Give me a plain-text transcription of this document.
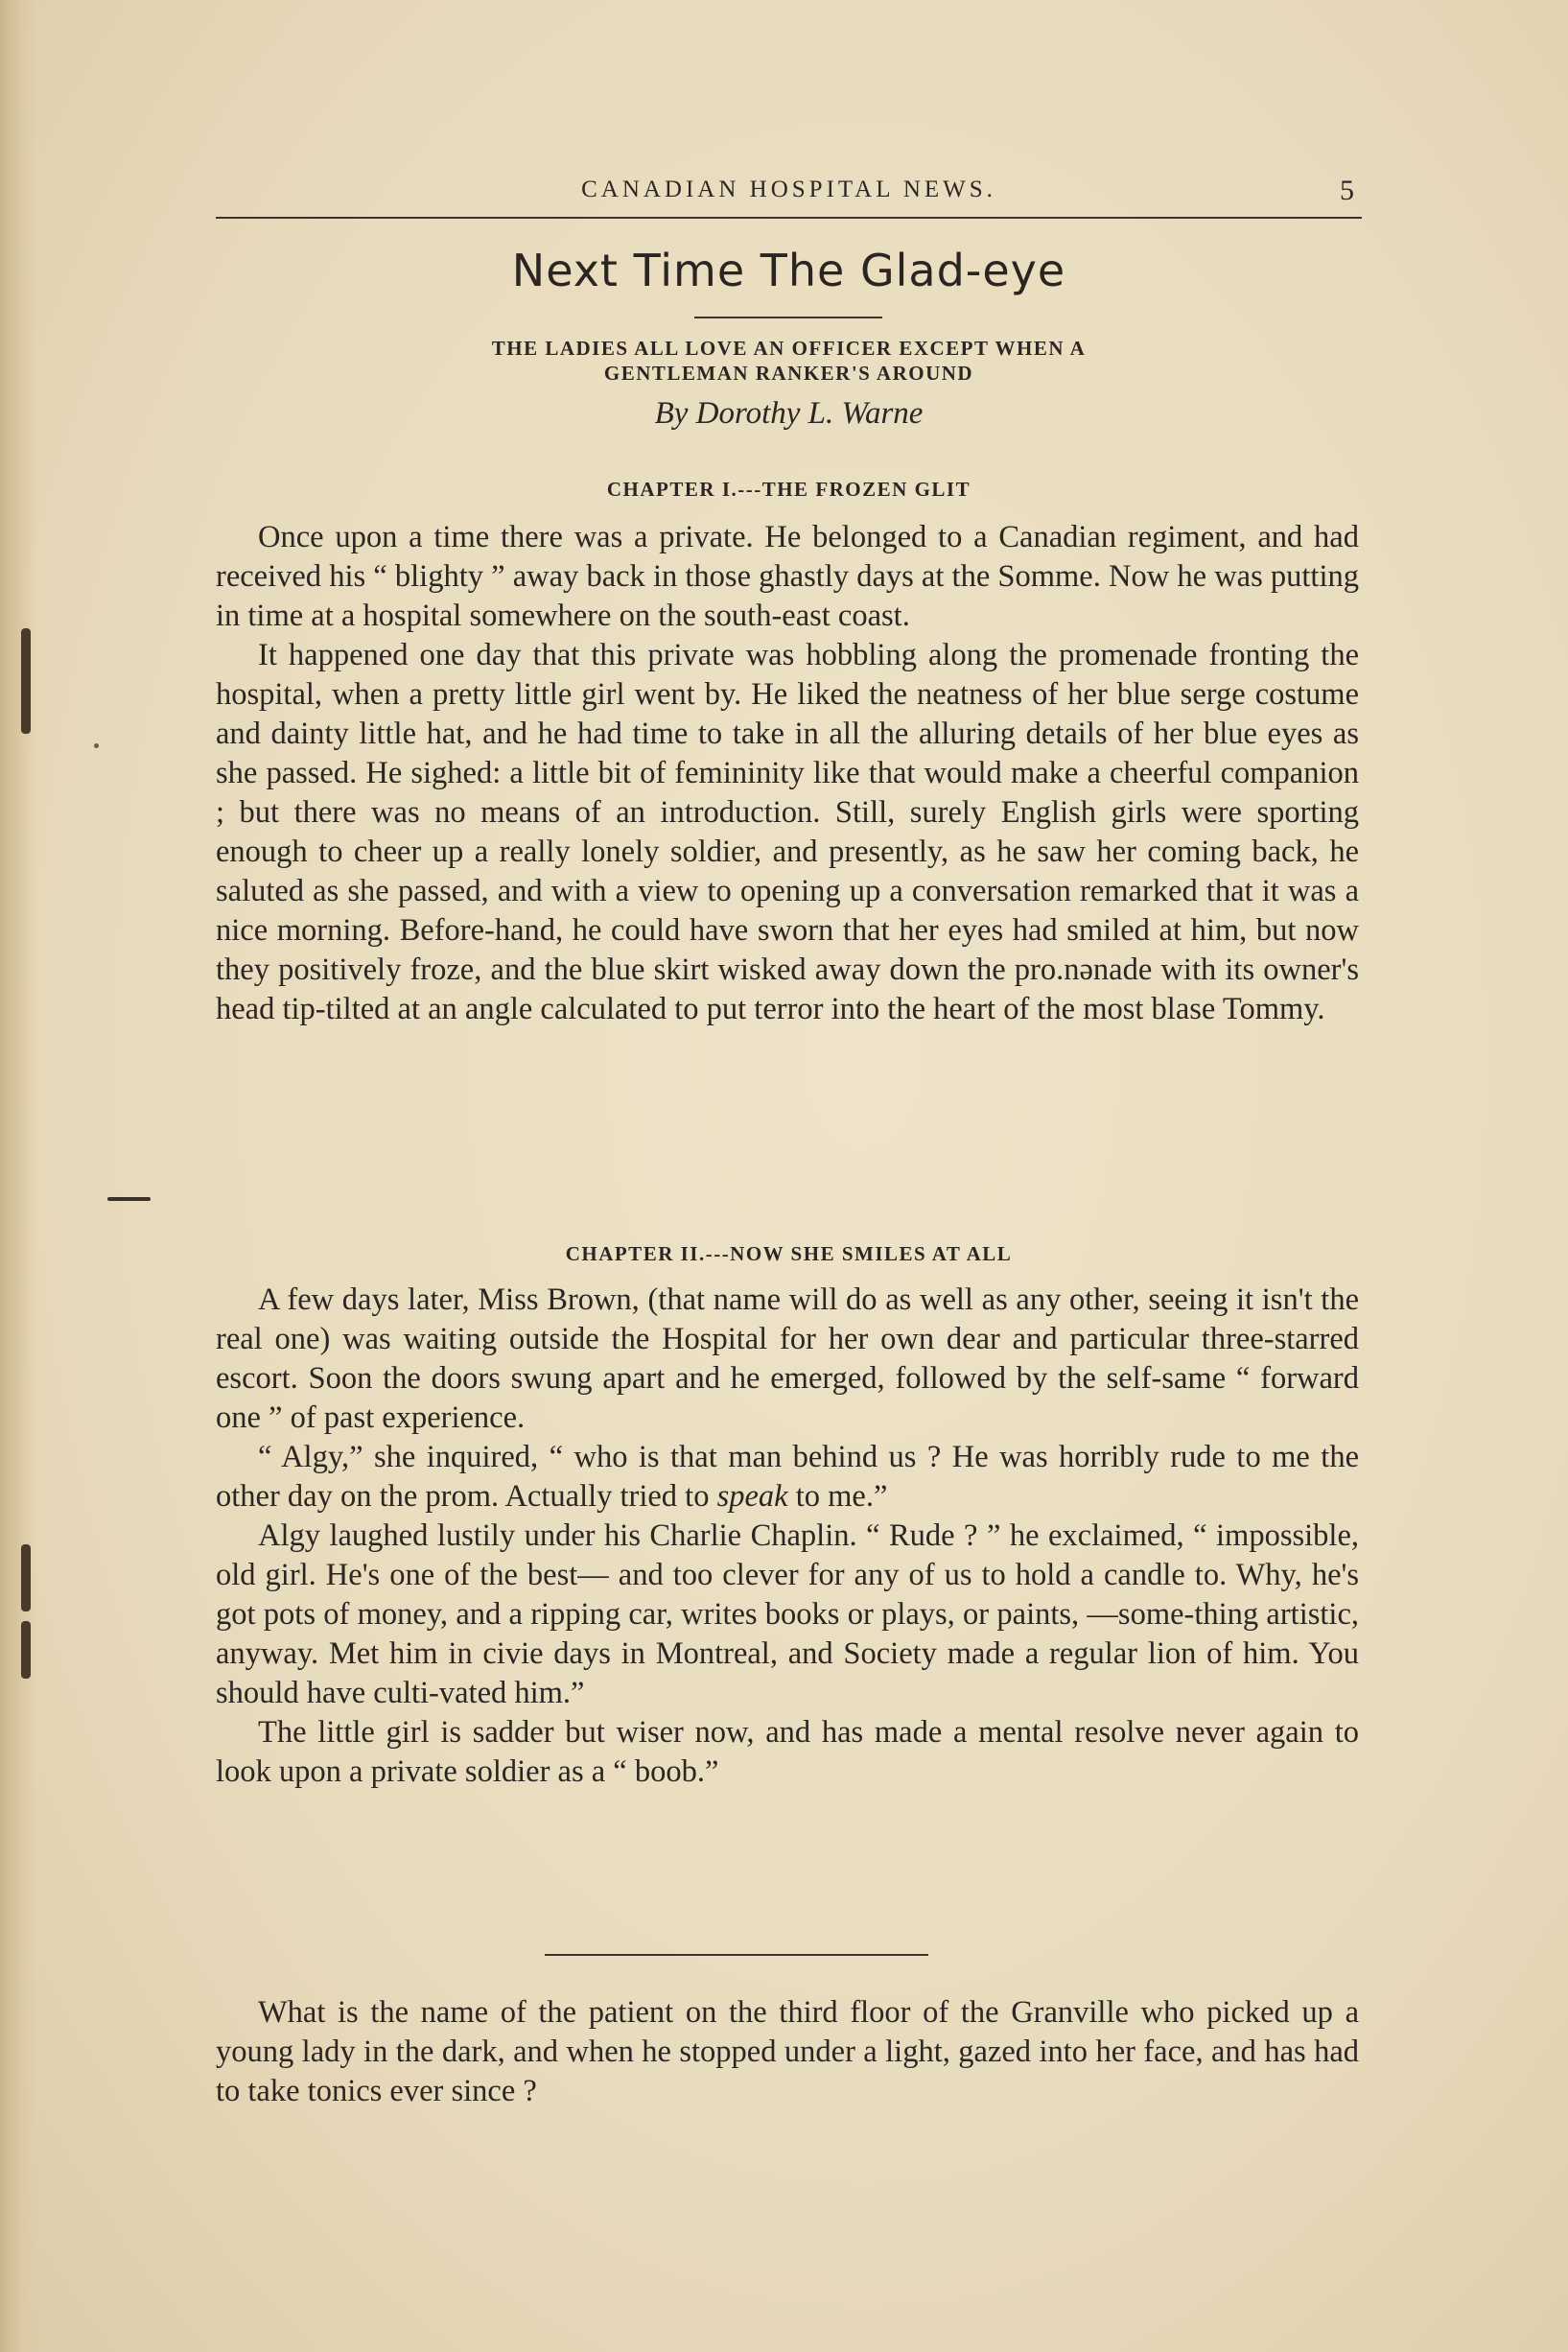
CANADIAN HOSPITAL NEWS.	5
Next Time The Glad-eye
THE LADIES ALL LOVE AN OFFICER EXCEPT WHEN A
GENTLEMAN RANKER'S AROUND
By Dorothy L. Warne
CHAPTER I.---THE FROZEN GLIT

Once upon a time there was a private. He belonged to a Canadian regiment, and had received his “ blighty ” away back in those ghastly days at the Somme. Now he was putting in time at a hospital somewhere on the south-east coast.

It happened one day that this private was hobbling along the promenade fronting the hospital, when a pretty little girl went by. He liked the neatness of her blue serge costume and dainty little hat, and he had time to take in all the alluring details of her blue eyes as she passed. He sighed: a little bit of femininity like that would make a cheerful companion ; but there was no means of an introduction. Still, surely English girls were sporting enough to cheer up a really lonely soldier, and presently, as he saw her coming back, he saluted as she passed, and with a view to opening up a conversation remarked that it was a nice morning. Before-hand, he could have sworn that her eyes had smiled at him, but now they positively froze, and the blue skirt wisked away down the pro.nənade with its owner's head tip-tilted at an angle calculated to put terror into the heart of the most blase Tommy.

CHAPTER II.---NOW SHE SMILES AT ALL

A few days later, Miss Brown, (that name will do as well as any other, seeing it isn't the real one) was waiting outside the Hospital for her own dear and particular three-starred escort. Soon the doors swung apart and he emerged, followed by the self-same “ forward one ” of past experience.

“ Algy,” she inquired, “ who is that man behind us ? He was horribly rude to me the other day on the prom. Actually tried to speak to me.”

Algy laughed lustily under his Charlie Chaplin. “ Rude ? ” he exclaimed, “ impossible, old girl. He's one of the best— and too clever for any of us to hold a candle to. Why, he's got pots of money, and a ripping car, writes books or plays, or paints, —some-thing artistic, anyway. Met him in civie days in Montreal, and Society made a regular lion of him. You should have culti-vated him.”

The little girl is sadder but wiser now, and has made a mental resolve never again to look upon a private soldier as a “ boob.”

What is the name of the patient on the third floor of the Granville who picked up a young lady in the dark, and when he stopped under a light, gazed into her face, and has had to take tonics ever since ?
